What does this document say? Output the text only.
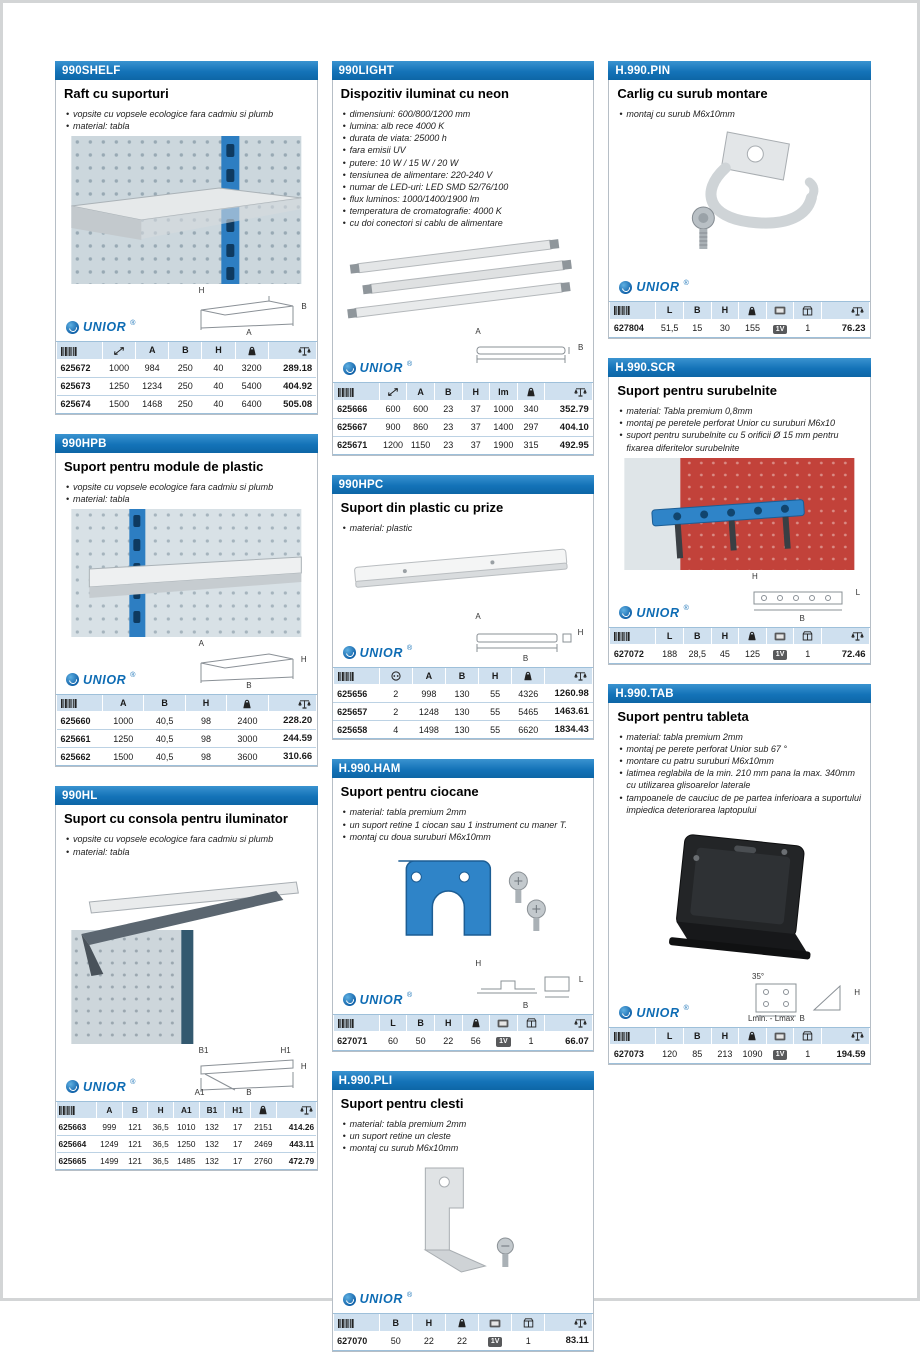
990SHELF
Raft cu suporturi
• vopsite cu vopsele ecologice fara cadmiu si plumb
• material: tabla
UNIOR ®
H
B
A
		A	B	H		
625672	1000	984	250	40	3200	289.18
625673	1250	1234	250	40	5400	404.92
625674	1500	1468	250	40	6400	505.08
990HPB
Suport pentru module de plastic
• vopsite cu vopsele ecologice fara cadmiu si plumb
• material: tabla
UNIOR ®
A
H
B
	A	B	H		
625660	1000	40,5	98	2400	228.20
625661	1250	40,5	98	3000	244.59
625662	1500	40,5	98	3600	310.66
990HL
Suport cu consola pentru iluminator
• vopsite cu vopsele ecologice fara cadmiu si plumb
• material: tabla
UNIOR ®
B1
H
B
A1
H1
	A	B	H	A1	B1	H1		
625663	999	121	36,5	1010	132	17	2151	414.26
625664	1249	121	36,5	1250	132	17	2469	443.11
625665	1499	121	36,5	1485	132	17	2760	472.79
990LIGHT
Dispozitiv iluminat cu neon
• dimensiuni: 600/800/1200 mm
• lumina: alb rece 4000 K
• durata de viata: 25000 h
• fara emisii UV
• putere: 10 W / 15 W / 20 W
• tensiunea de alimentare: 220-240 V
• numar de LED-uri: LED SMD 52/76/100
• flux luminos: 1000/1400/1900 lm
• temperatura de cromatografie: 4000 K
• cu doi conectori si cablu de alimentare
UNIOR ®
A
B
		A	B	H	lm		
625666	600	600	23	37	1000	340	352.79
625667	900	860	23	37	1400	297	404.10
625671	1200	1150	23	37	1900	315	492.95
990HPC
Suport din plastic cu prize
• material: plastic
UNIOR ®
A
H
B
		A	B	H		
625656	2	998	130	55	4326	1260.98
625657	2	1248	130	55	5465	1463.61
625658	4	1498	130	55	6620	1834.43
H.990.HAM
Suport pentru ciocane
• material: tabla premium 2mm
• un suport retine 1 ciocan sau 1 instrument cu maner T.
• montaj cu doua suruburi M6x10mm
UNIOR ®
H
L
B
	L	B	H				
627071	60	50	22	56	1V	1	66.07
H.990.PLI
Suport pentru clesti
• material: tabla premium 2mm
• un suport retine un cleste
• montaj cu surub M6x10mm
UNIOR ®
	B	H				
627070	50	22	22	1V	1	83.11
H.990.PIN
Carlig cu surub montare
• montaj cu surub M6x10mm
UNIOR ®
	L	B	H				
627804	51,5	15	30	155	1V	1	76.23
H.990.SCR
Suport pentru surubelnite
• material: Tabla premium 0,8mm
• montaj pe peretele perforat Unior cu suruburi M6x10
• suport pentru surubelnite cu 5 orificii Ø 15 mm pentru fixarea diferitelor surubelnite
UNIOR ®
H
L
B
	L	B	H				
627072	188	28,5	45	125	1V	1	72.46
H.990.TAB
Suport pentru tableta
• material: tabla premium 2mm
• montaj pe perete perforat Unior sub 67 °
• montare cu patru suruburi M6x10mm
• latimea reglabila de la min. 210 mm pana la max. 340mm cu utilizarea glisoarelor laterale
• tampoanele de cauciuc de pe partea inferioara a suportului impiedica deteriorarea laptopului
UNIOR ®
35°
H
B
Lmin. - Lmax
	L	B	H				
627073	120	85	213	1090	1V	1	194.59
